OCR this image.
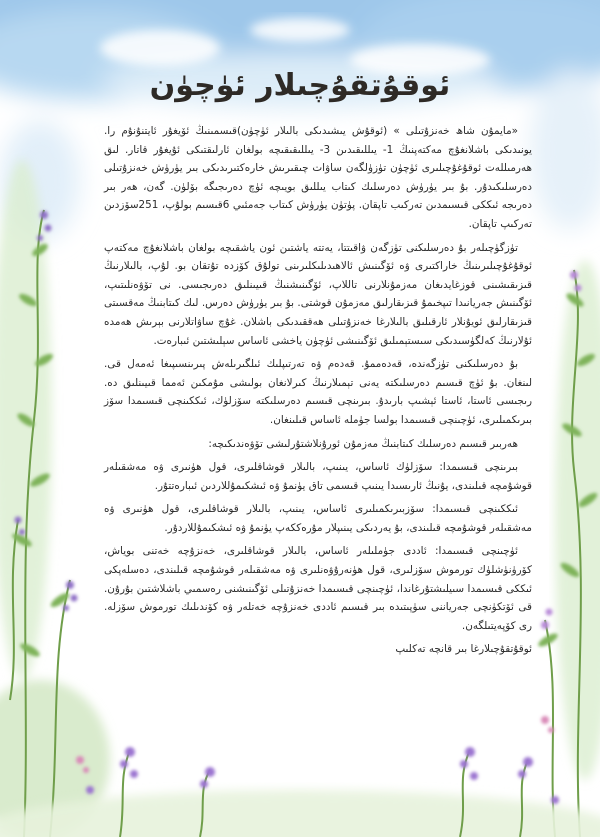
ئوقۇتقۇچىلار ئۈچۈن

«مايمۇن شاھ خەنزۇتىلى » (ئوقۇش يىشىدىكى بالىلار ئۈچۈن)قىسمىنىڭ ئۆيغۇر ئايتنۇنۇم را. يونىدىكى باشلانغۇچ مەكتەپنىڭ 1- يىللىقىدىن 3- يىللىقىقىچە بولغان ئارلىقتىكى ئۇيغۇر قاتار. لىق ھەرمىللەت ئوقۇغۇچىلىرى ئۈچۈن تۈزۈلگەن ساۋات چىقىرىش خارەكتىرىدىكى بىر يۈرۈش خەنزۇتىلى دەرسلىكىدۇر. بۇ بىر يۈرۈش دەرسلىك كىتاب يىللىق بويىچە ئۈچ دەرىجىگە بۆلۈن. گەن، ھەر بىر دەرىجە ئىككى قىسىمدىن تەركىب تاپقان. پۈتۈن يۈرۈش كىتاب جەمئىي 6قىسىم بولۇپ، 251سۆزدىن تەركىپ تاپقان.

تۈزگۈچىلەر بۇ دەرسلىكنى تۈزگەن ۋاقىتتا، يەتتە ياشتىن ئون ياشقىچە بولغان باشلانغۇچ مەكتەپ ئوقۇغۇچىلىرىنىڭ خاراكتىرى ۋە ئۆگىنىش ئالاھىدىلىكلىرىنى تولۇق كۆزدە تۇتقان بو. لۇپ، بالىلارنىڭ قىزىقىشىنى قوزغايدىغان مەزمۇنلارنى تاللاپ، ئۆگىنىشنىڭ قىيىنلىق دەرىجىسى. نى تۆۋەنلىتىپ، ئۆگىنىش جەريانىدا تىپخىمۇ قىزىقارلىق مەزمۇن قوشتى. بۇ بىر يۈرۈش دەرس. لىك كىتابنىڭ مەقسىتى قىزىقارلىق ئويۇنلار ئارقىلىق بالىلارغا خەنزۇتىلى ھەققىدىكى باشلان. غۇچ ساۋاتلارنى بېرىش ھەمدە ئۇلارنىڭ كەلگۈسىدىكى سىستېمىلىق ئۆگىنىشى ئۈچۈن ياخشى ئاساس سېلىشتىن ئىبارەت.

بۇ دەرسلىكنى تۈزگەندە، قەدەممۇ. قەدەم ۋە تەرتىپلىك ئىلگىرىلەش پىرىنسىپىغا ئەمەل قى. لىنغان. بۇ ئۈچ قىسىم دەرسلىكتە يەنى تېمىلارنىڭ كىرلانغان بولىشى مۇمكىن ئەمما قىيىنلىق دە. رىجىسى ئاستا، ئاستا ئېشىپ بارىدۇ. بىرىنچى قىسىم دەرسلىكتە سۆزلۈك، ئىككىنچى قىسىمدا سۆز بىرىكمىلىرى، ئۈچىنچى قىسىمدا بولسا جۈملە ئاساس قىلىنغان.

ھەربىر قىسىم دەرسلىك كىتابنىڭ مەزمۇن ئورۇنلاشتۇرلىشى تۆۋەندىكىچە:

بىرىنچى قىسىمدا: سۆزلۈك ئاساس، يىنىپ، بالىلار قوشاقلىرى، قول ھۈنىرى ۋە مەشقىلەر قوشۇمچە قىلىندى، يۇنىڭ ئارىسىدا يىنىپ قىسمى تاق يۈنمۇ ۋە ئىشكىمۇللاردىن ئىبارەتتۇر.

ئىككىنچى قىسىمدا: سۆزبىرىكمىلىرى ئاساس، يىنىپ، بالىلار قوشاقلىرى، قول ھۈنىرى ۋە مەشقىلەر قوشۇمچە قىلىندى، بۇ يەردىكى يىنىپلار مۇرەككەپ يۈنمۇ ۋە ئىشكىمۇللاردۇر.

ئۈچىنچى قىسىمدا: ئاددى جۈملىلەر ئاساس، بالىلار قوشاقلىرى، خەنزۇچە خەتنى بوياش، كۆرۈنۈشلۈك تورموش سۆزلىرى، قول ھۈنەرۇۋەنلىرى ۋە مەشقىلەر قوشۇمچە قىلىندى، دەسلەپكى ئىككى قىسىمدا سىيلىشتۇرغاندا، ئۈچىنچى قىسىمدا خەنزۇتىلى ئۆگىنىشنى رەسمىي باشلاشتىن بۇرۇن. قى ئۆتكۈنچى جەرياننى سۈپىتىدە بىر قىسىم ئاددى خەنزۇچە خەتلەر ۋە كۆندىلىك تورموش سۆزلە. رى كۆپەيتىلگەن.

ئوقۇتقۇچىلارغا بىر قانچە تەكلىپ
